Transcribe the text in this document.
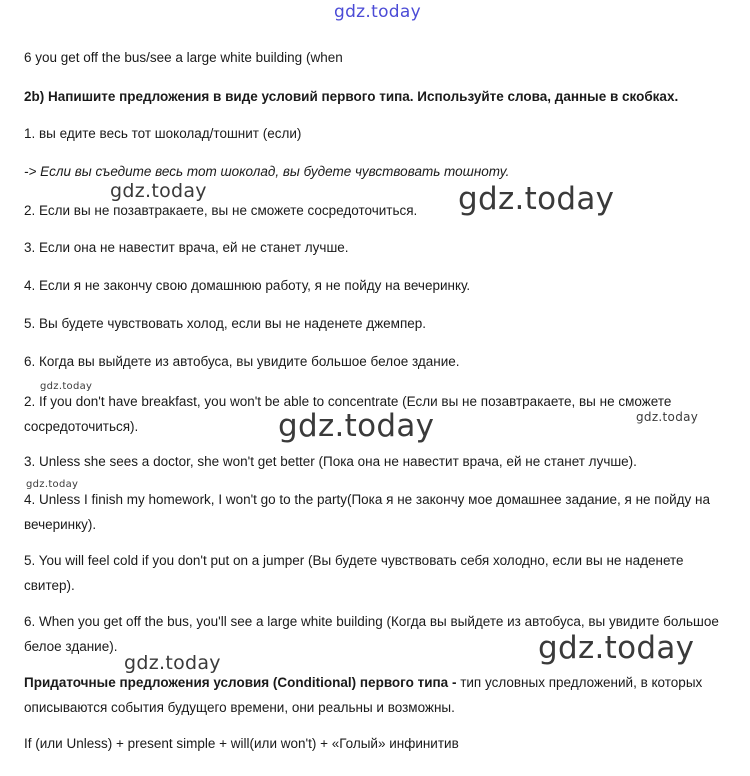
gdz.today
gdz.today	gdz.today
gdz.today
gdz.today
gdz.today
gdz.today
gdz.today
gdz.today
6 you get off the bus/see a large white building (when
2b) Напишите предложения в виде условий первого типа. Используйте слова, данные в скобках.
1. вы едите весь тот шоколад/тошнит (если)
-> Если вы съедите весь тот шоколад, вы будете чувствовать тошноту.
2. Если вы не позавтракаете, вы не сможете сосредоточиться.
3. Если она не навестит врача, ей не станет лучше.
4. Если я не закончу свою домашнюю работу, я не пойду на вечеринку.
5. Вы будете чувствовать холод, если вы не наденете джемпер.
6. Когда вы выйдете из автобуса, вы увидите большое белое здание.
2. If you don't have breakfast, you won't be able to concentrate (Если вы не позавтракаете, вы не сможете сосредоточиться).
3. Unless she sees a doctor, she won't get better (Пока она не навестит врача, ей не станет лучше).
4. Unless I finish my homework, I won't go to the party(Пока я не закончу мое домашнее задание, я не пойду на вечеринку).
5. You will feel cold if you don't put on a jumper (Вы будете чувствовать себя холодно, если вы не наденете свитер).
6. When you get off the bus, you'll see a large white building (Когда вы выйдете из автобуса, вы увидите большое белое здание).
Придаточные предложения условия (Conditional) первого типа - тип условных предложений, в которых описываются события будущего времени, они реальны и возможны.
If (или Unless) + present simple + will(или won't) + «Голый» инфинитив
